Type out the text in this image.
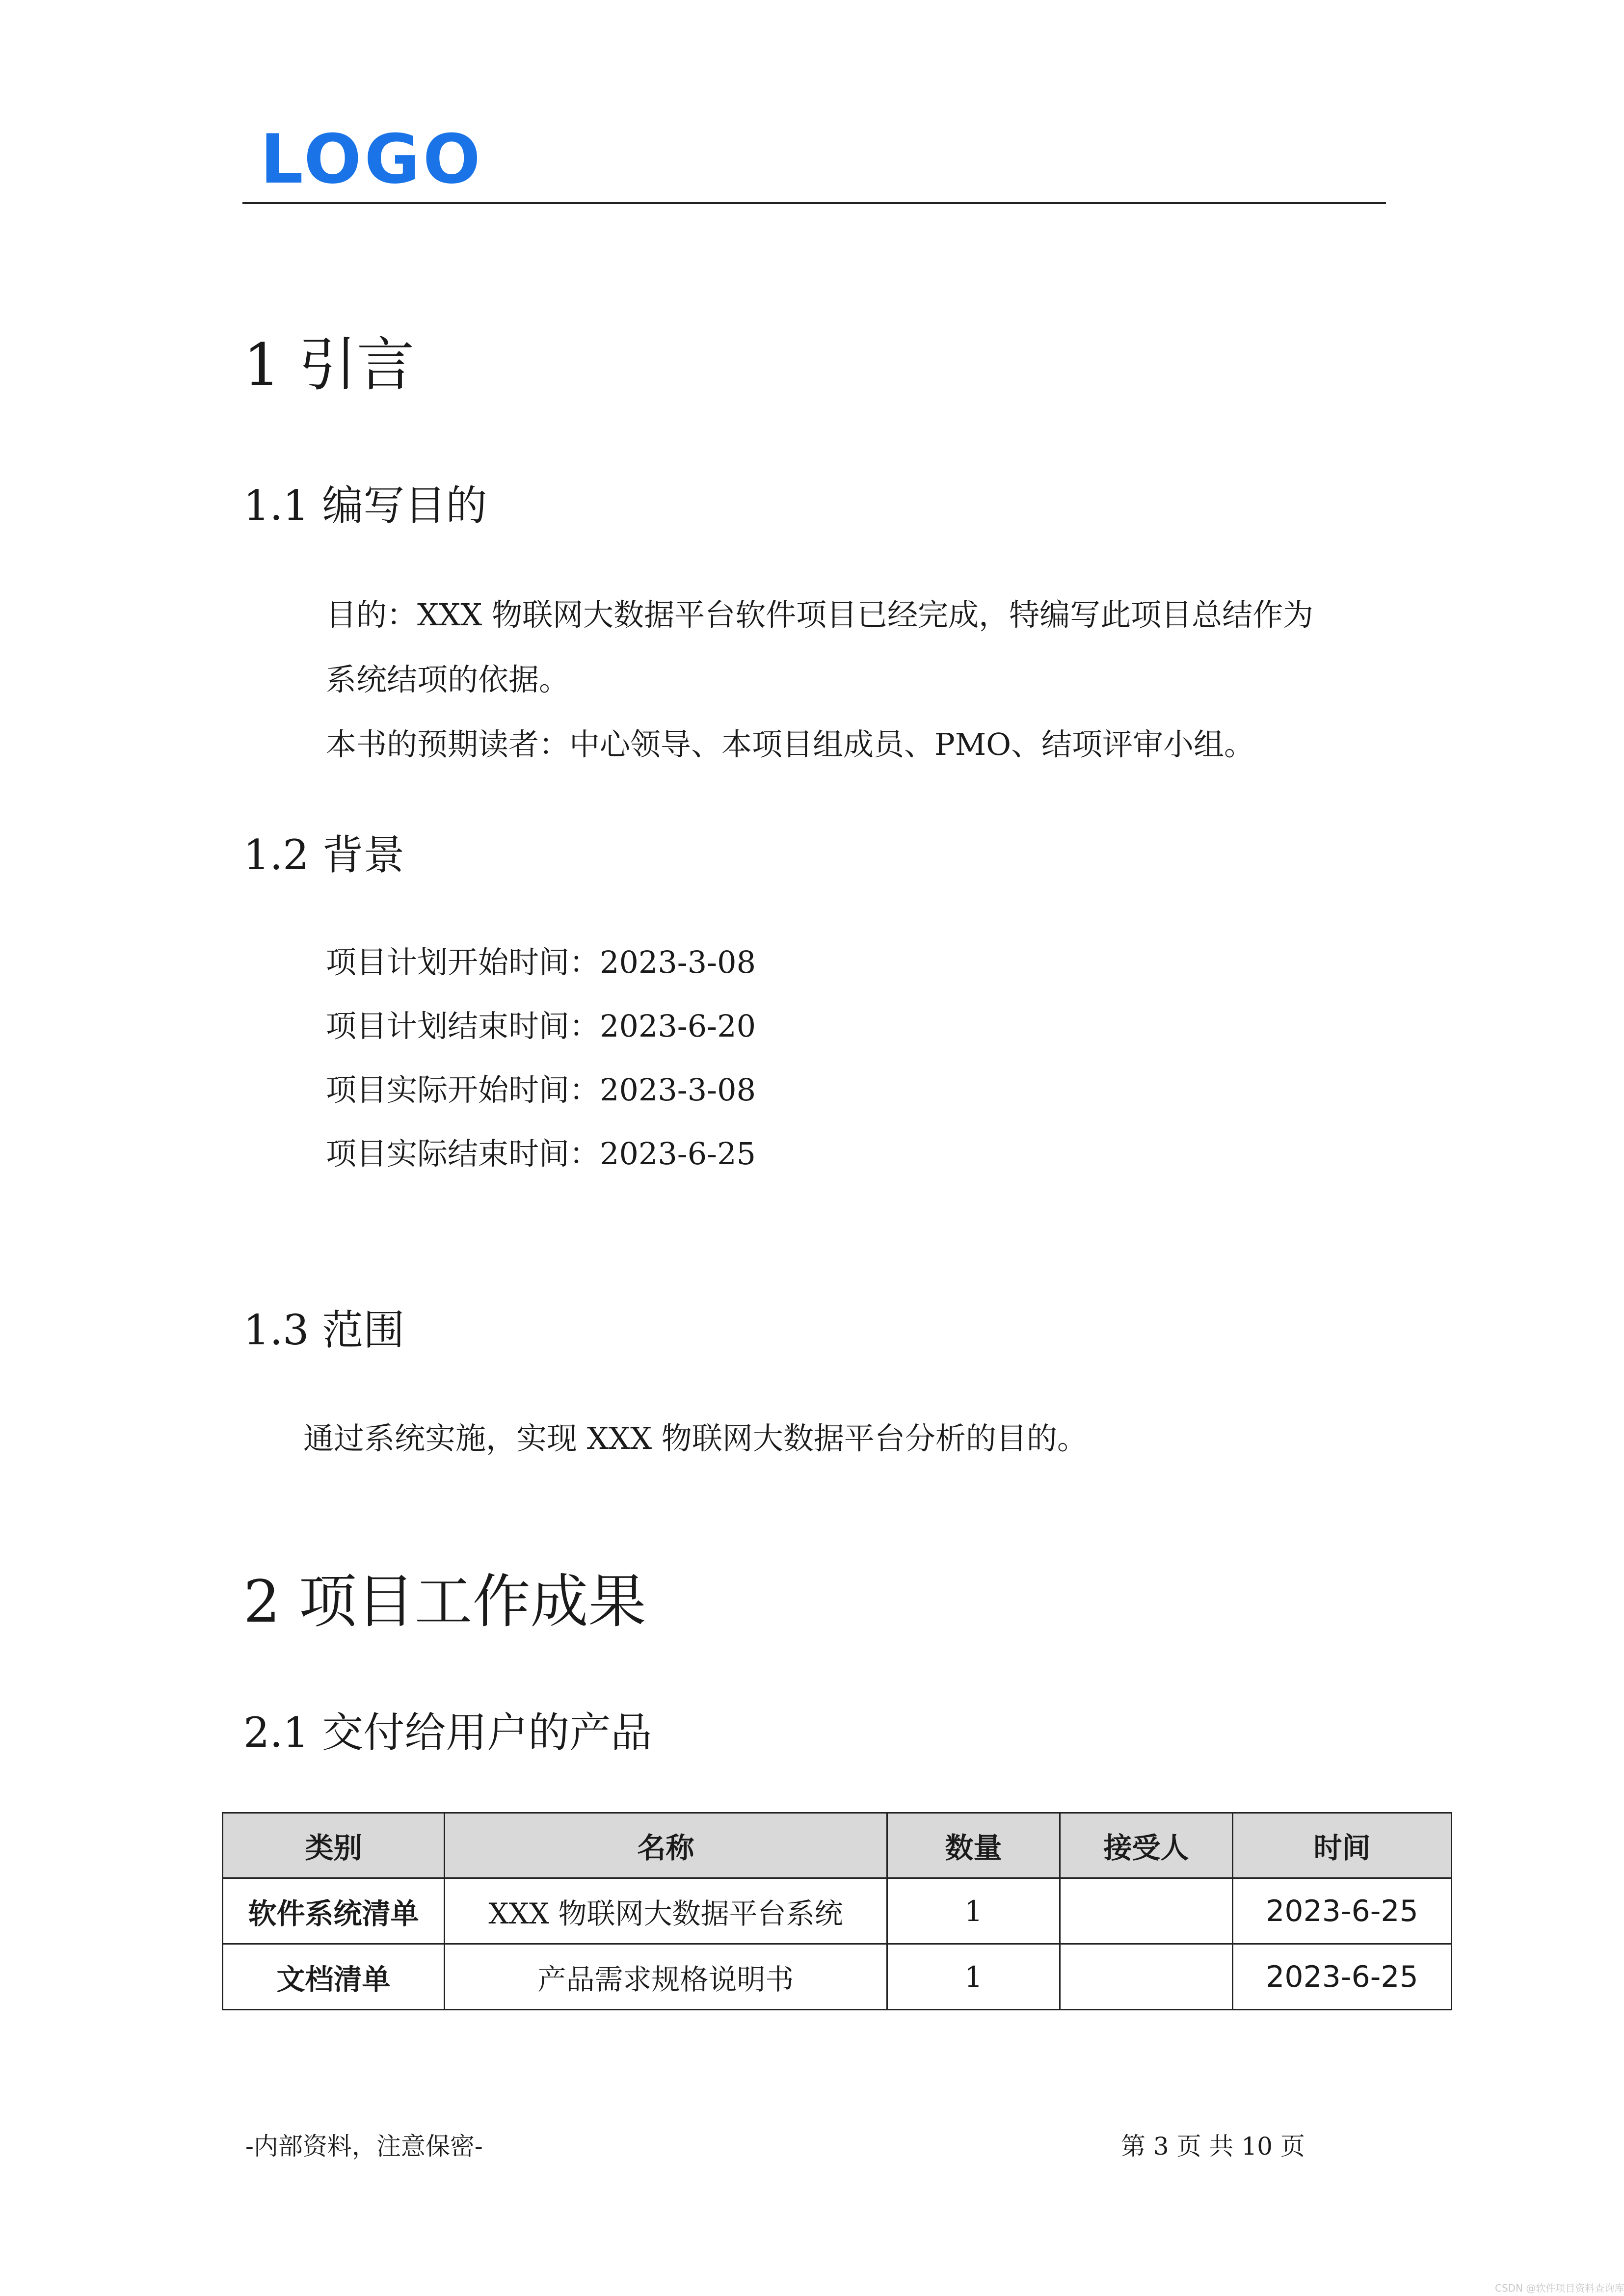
LOGO
1 引言
1.1 编写目的
目的：XXX 物联网大数据平台软件项目已经完成，特编写此项目总结作为
系统结项的依据。
本书的预期读者：中心领导、本项目组成员、PMO、结项评审小组。
1.2 背景
项目计划开始时间：2023-3-08
项目计划结束时间：2023-6-20
项目实际开始时间：2023-3-08
项目实际结束时间：2023-6-25
1.3 范围
通过系统实施，实现 XXX 物联网大数据平台分析的目的。
2 项目工作成果
2.1 交付给用户的产品
类别	名称	数量	接受人	时间
软件系统清单	XXX 物联网大数据平台系统	1		2023-6-25
文档清单	产品需求规格说明书	1		2023-6-25
-内部资料，注意保密-	第 3 页 共 10 页
CSDN @软件项目资料查询库
